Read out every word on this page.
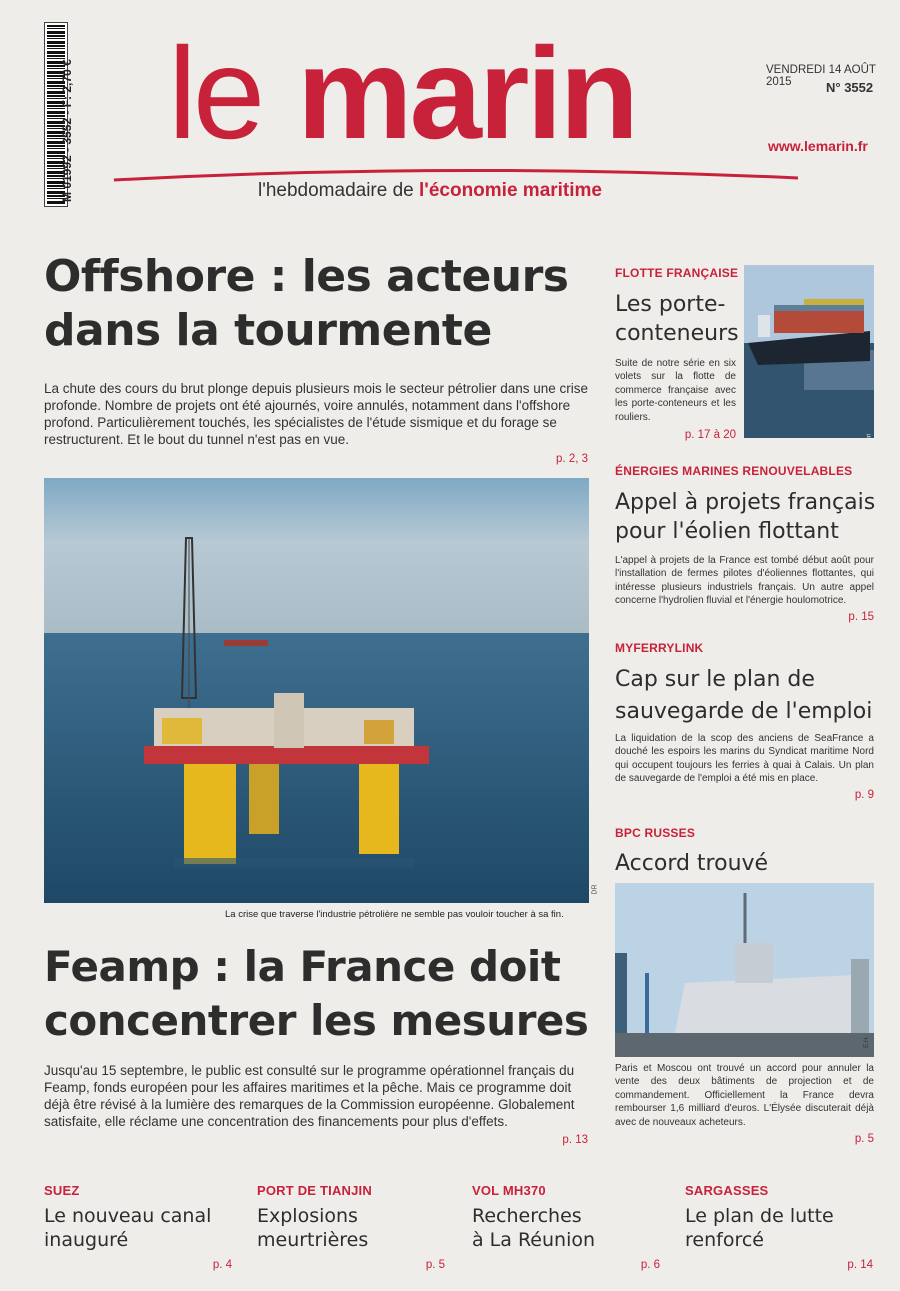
M 01992 - 3552 - F: 2,70 € le marin
l'hebdomadaire de l'économie maritime
VENDREDI 14 AOÛT 2015	N° 3552
www.lemarin.fr
Offshore : les acteurs
dans la tourmente
La chute des cours du brut plonge depuis plusieurs mois le secteur pétrolier dans une crise profonde. Nombre de projets ont été ajournés, voire annulés, notamment dans l'offshore profond. Particulièrement touchés, les spécialistes de l'étude sismique et du forage se restructurent. Et le bout du tunnel n'est pas en vue.
p. 2, 3
La crise que traverse l'industrie pétrolière ne semble pas vouloir toucher à sa fin.
DR
Feamp : la France doit
concentrer les mesures
Jusqu'au 15 septembre, le public est consulté sur le programme opérationnel français du Feamp, fonds européen pour les affaires maritimes et la pêche. Mais ce programme doit déjà être révisé à la lumière des remarques de la Commission européenne. Globalement satisfaite, elle réclame une concentration des financements pour plus d'effets.
p. 13
FLOTTE FRANÇAISE
Les porte-
conteneurs
Suite de notre série en six volets sur la flotte de commerce française avec les porte-conteneurs et les rouliers.
p. 17 à 20	Eric Houri
ÉNERGIES MARINES RENOUVELABLES
Appel à projets français
pour l'éolien flottant
L'appel à projets de la France est tombé début août pour l'installation de fermes pilotes d'éoliennes flottantes, qui intéresse plusieurs industriels français. Un autre appel concerne l'hydrolien fluvial et l'énergie houlomotrice.
p. 15
MYFERRYLINK
Cap sur le plan de
sauvegarde de l'emploi
La liquidation de la scop des anciens de SeaFrance a douché les espoirs les marins du Syndicat maritime Nord qui occupent toujours les ferries à quai à Calais. Un plan de sauvegarde de l'emploi a été mis en place.
p. 9
BPC RUSSES
Accord trouvé
E.H.
Paris et Moscou ont trouvé un accord pour annuler la vente des deux bâtiments de projection et de commandement. Officiellement la France devra rembourser 1,6 milliard d'euros. L'Élysée discuterait déjà avec de nouveaux acheteurs.
p. 5
SUEZ
Le nouveau canal
inauguré
p. 4
PORT DE TIANJIN
Explosions
meurtrières
p. 5
VOL MH370
Recherches
à La Réunion
p. 6
SARGASSES
Le plan de lutte
renforcé
p. 14
